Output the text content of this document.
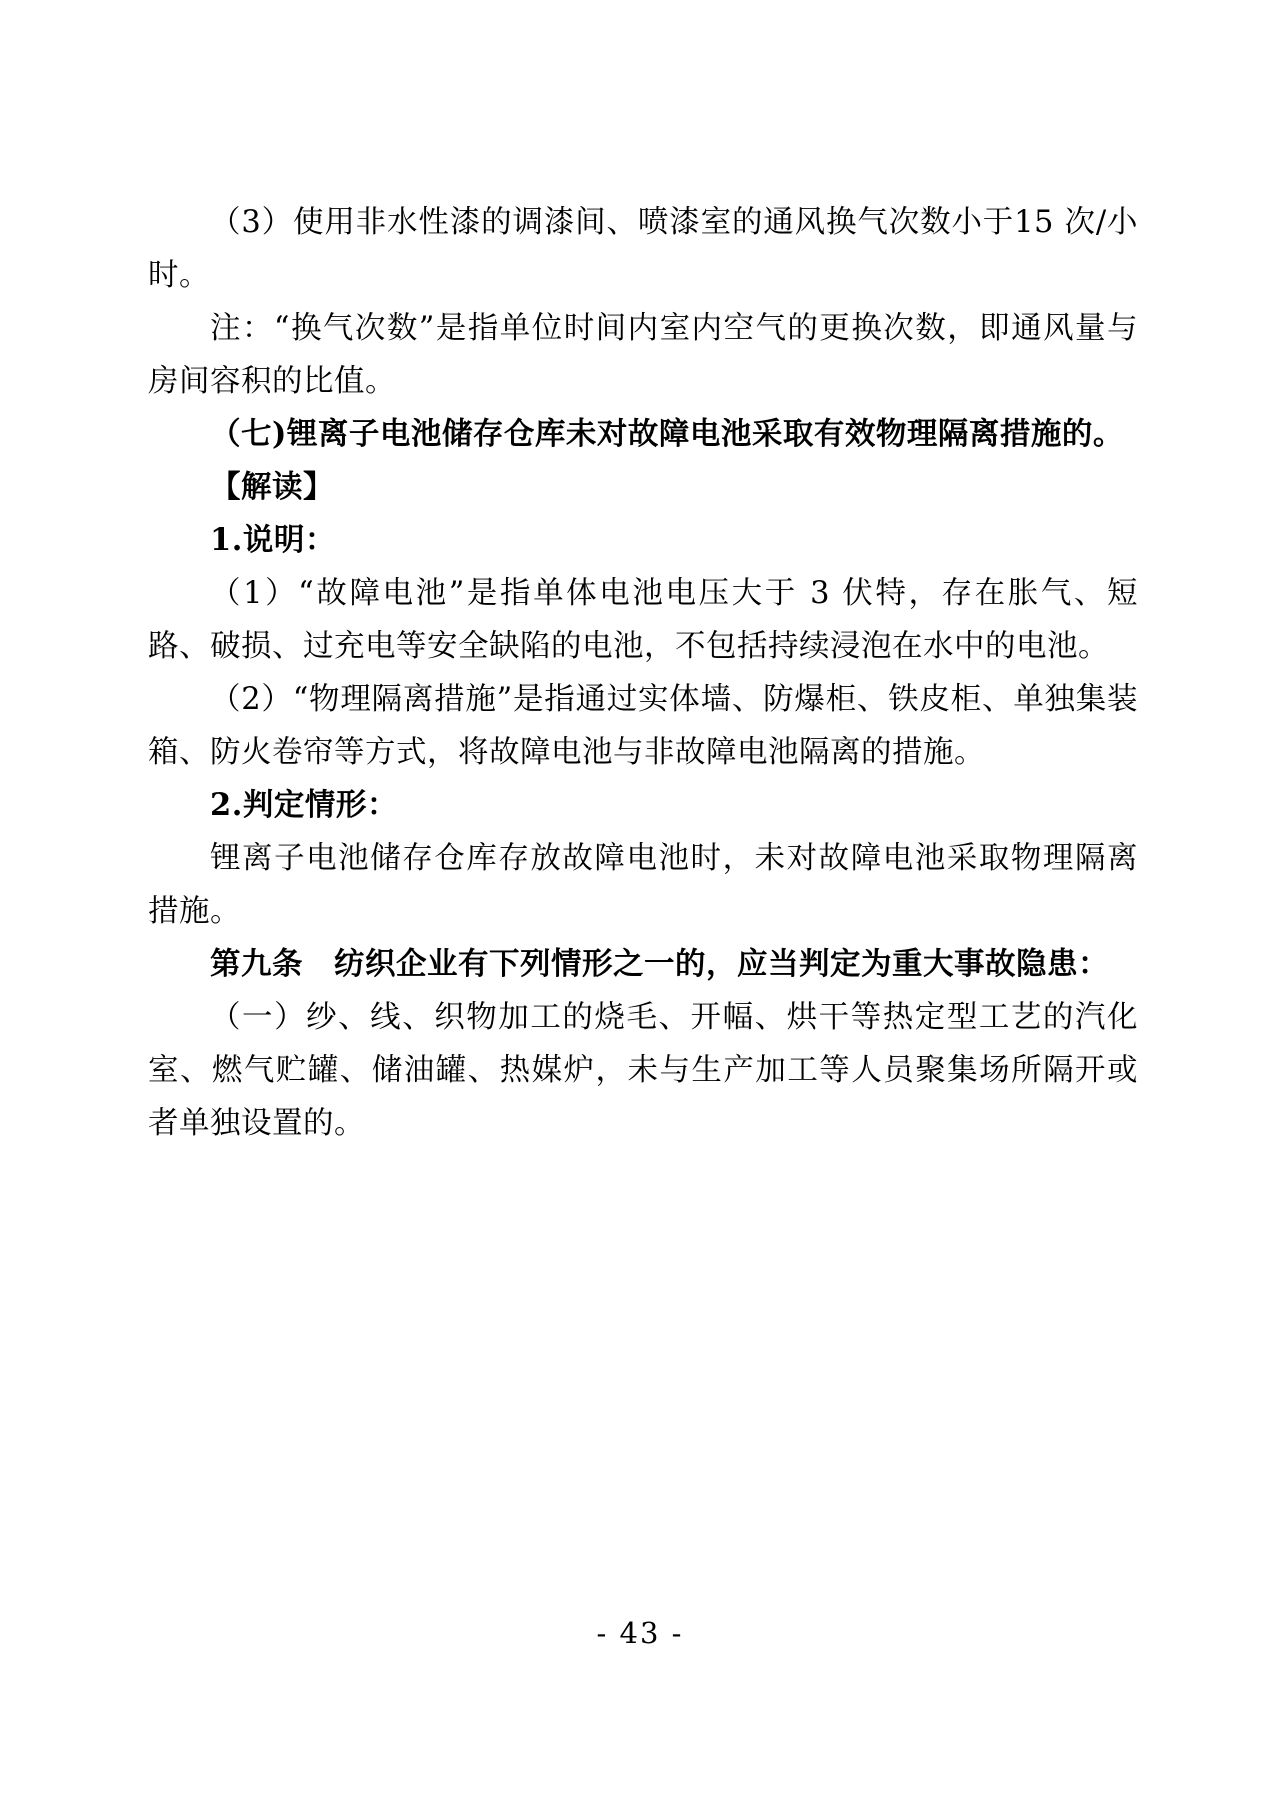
（3）使用非水性漆的调漆间、喷漆室的通风换气次数小于15 次/小时。

注：“换气次数”是指单位时间内室内空气的更换次数，即通风量与房间容积的比值。

（七)锂离子电池储存仓库未对故障电池采取有效物理隔离措施的。

【解读】

1.说明：

（1）“故障电池”是指单体电池电压大于 3 伏特，存在胀气、短路、破损、过充电等安全缺陷的电池，不包括持续浸泡在水中的电池。

（2）“物理隔离措施”是指通过实体墙、防爆柜、铁皮柜、单独集装箱、防火卷帘等方式，将故障电池与非故障电池隔离的措施。

2.判定情形：

锂离子电池储存仓库存放故障电池时，未对故障电池采取物理隔离措施。

第九条　纺织企业有下列情形之一的，应当判定为重大事故隐患：

（一）纱、线、织物加工的烧毛、开幅、烘干等热定型工艺的汽化室、燃气贮罐、储油罐、热媒炉，未与生产加工等人员聚集场所隔开或者单独设置的。

- 43 -
